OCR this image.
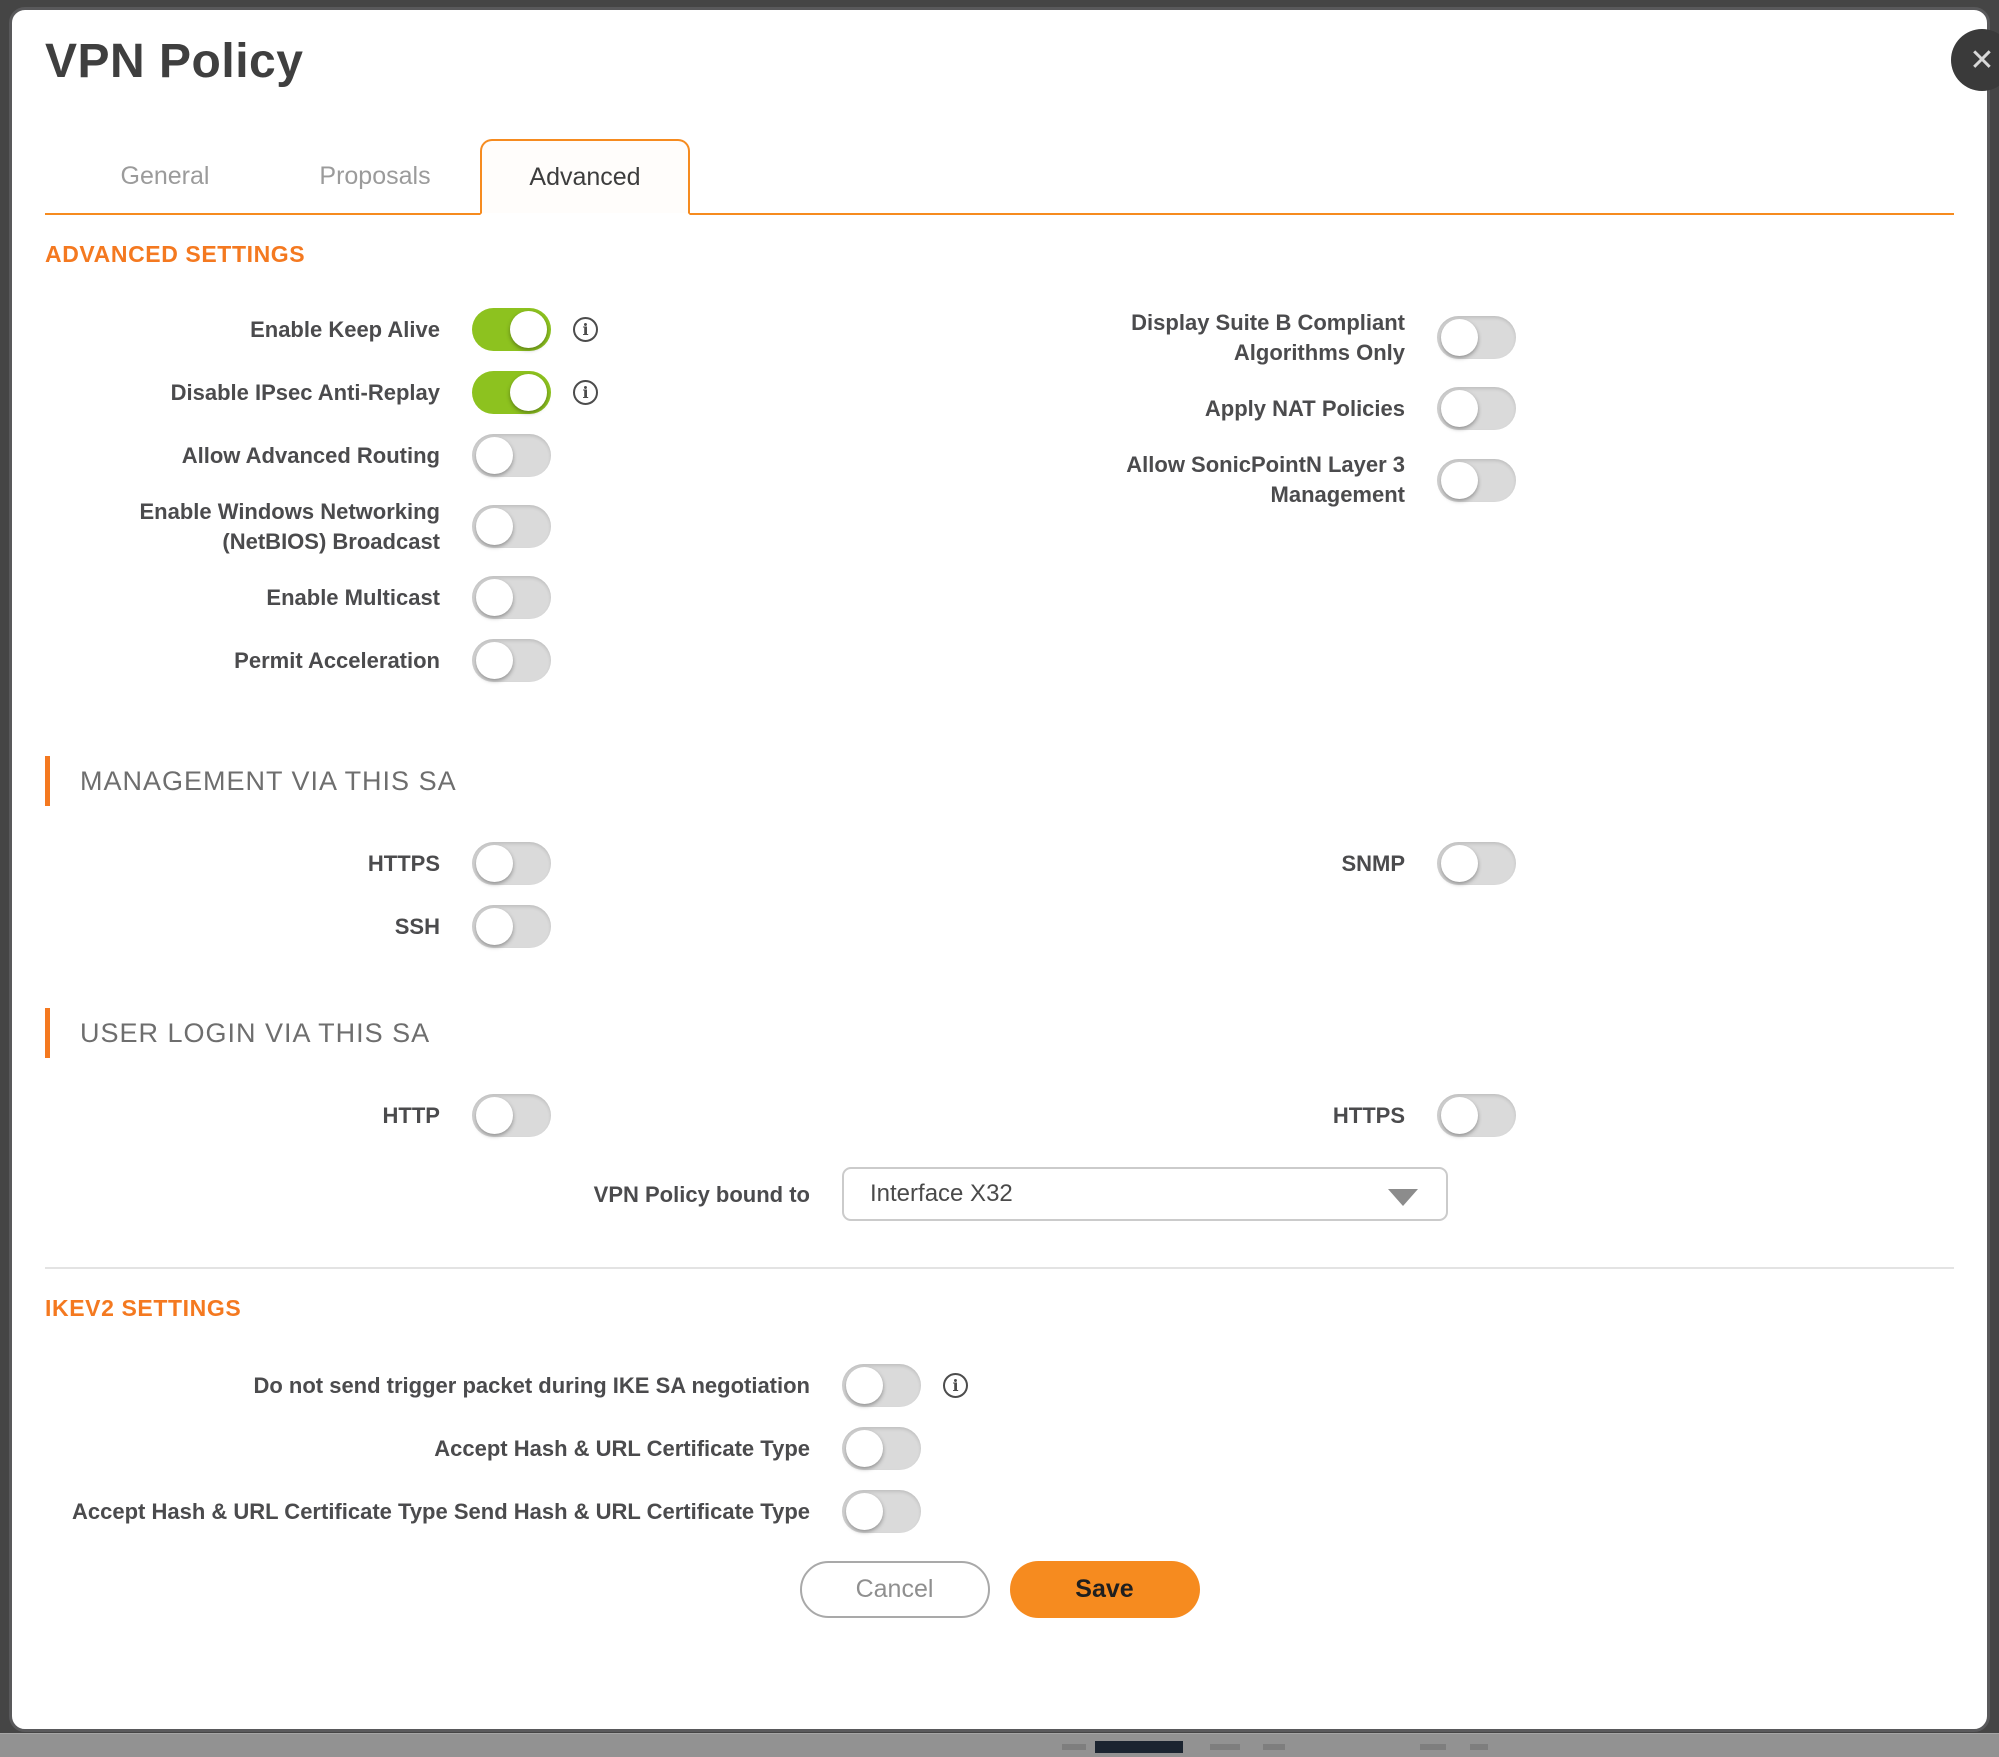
VPN Policy
General	Proposals	Advanced
ADVANCED SETTINGS
Enable Keep Alive	i
Disable IPsec Anti-Replay	i
Allow Advanced Routing
Enable Windows Networking (NetBIOS) Broadcast
Enable Multicast
Permit Acceleration
Display Suite B Compliant Algorithms Only
Apply NAT Policies
Allow SonicPointN Layer 3 Management
MANAGEMENT VIA THIS SA
HTTPS
SSH
SNMP
USER LOGIN VIA THIS SA
HTTP	HTTPS
VPN Policy bound to	Interface X32
IKEV2 SETTINGS
Do not send trigger packet during IKE SA negotiation	i
Accept Hash & URL Certificate Type
Accept Hash & URL Certificate Type Send Hash & URL Certificate Type
Cancel	Save
✕
